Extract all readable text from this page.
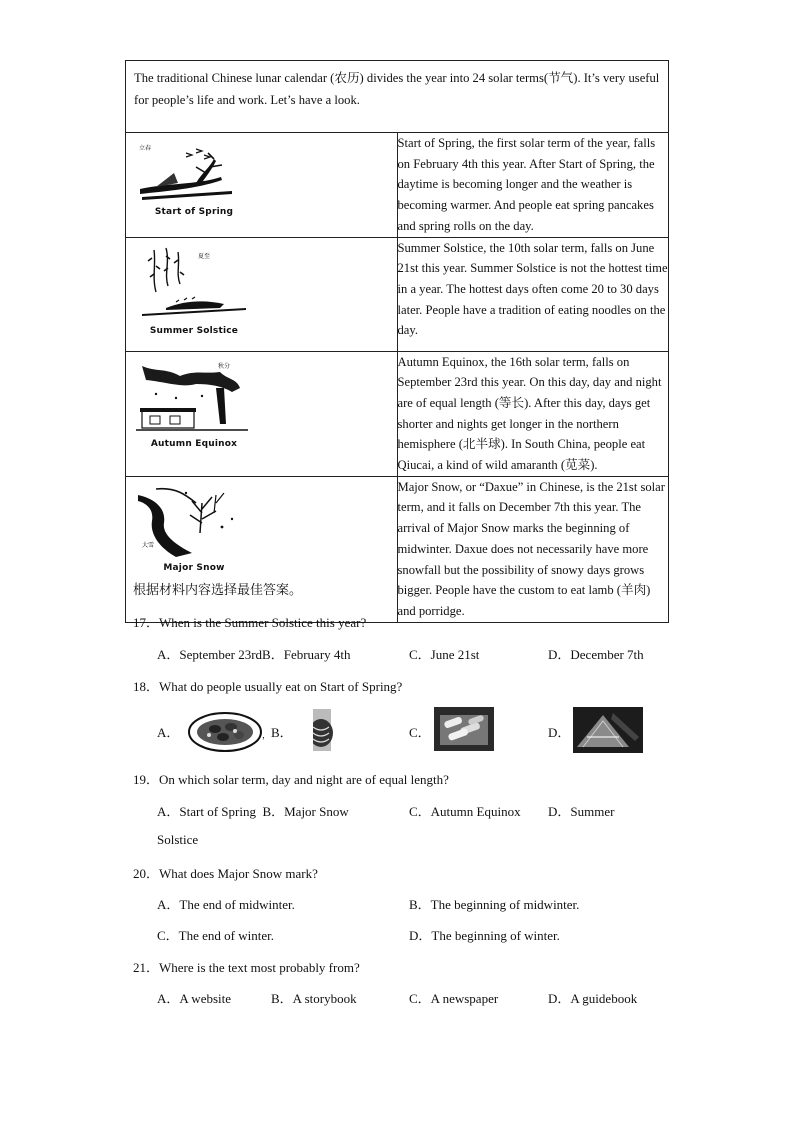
The traditional Chinese lunar calendar (农历) divides the year into 24 solar terms(节气). It’s very useful for people’s life and work. Let’s have a look.	

立春
Start of Spring	Start of Spring, the first solar term of the year, falls on February 4th this year. After Start of Spring, the daytime is becoming longer and the weather is becoming warmer. And people eat spring pancakes and spring rolls on the day.

夏至
Summer Solstice	Summer Solstice, the 10th solar term, falls on June 21st this year. Summer Solstice is not the hottest time in a year. The hottest days often come 20 to 30 days later. People have a tradition of eating noodles on the day.

秋分
Autumn Equinox	Autumn Equinox, the 16th solar term, falls on September 23rd this year. On this day, day and night are of equal length (等长). After this day, days get shorter and nights get longer in the northern hemisphere (北半球). In South China, people eat Qiucai, a kind of wild amaranth (苋菜).

大雪
Major Snow	Major Snow, or “Daxue” in Chinese, is the 21st solar term, and it falls on December 7th this year. The arrival of Major Snow marks the beginning of midwinter. Daxue does not necessarily have more snowfall but the possibility of snowy days grows bigger. People have the custom to eat lamb (羊肉) and porridge.
根据材料内容选择最佳答案。
17．When is the Summer Solstice this year?
A．September 23rdB．February 4th	C．June 21st	D．December 7th
18．What do people usually eat on Start of Spring?
A．	， B．	C．	D．
19．On which solar term, day and night are of equal length?
A．Start of Spring  B．Major Snow	C．Autumn Equinox D．Summer
Solstice
20．What does Major Snow mark?
A．The end of midwinter.	B．The beginning of midwinter.
C．The end of winter.	D．The beginning of winter.
21．Where is the text most probably from?
A．A website	B．A storybook	C．A newspaper	D．A guidebook
